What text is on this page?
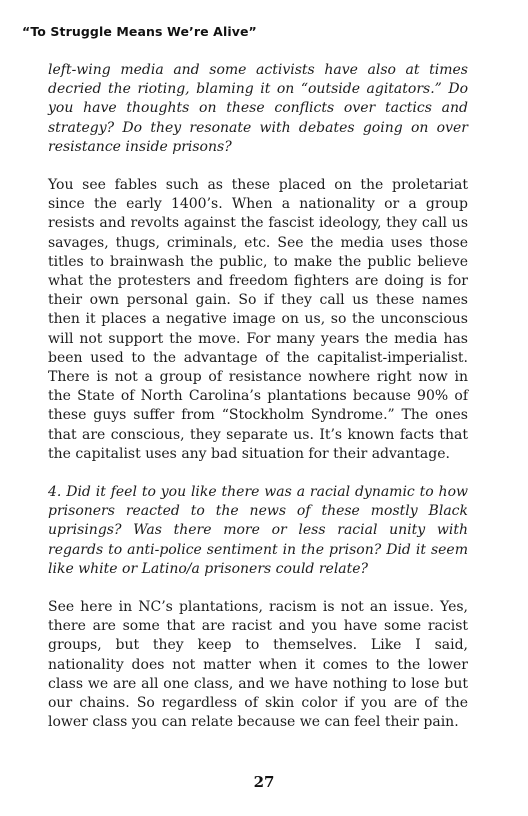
“To Struggle Means We’re Alive”

left-wing media and some activists have also at times decried the rioting, blaming it on “outside agitators.” Do you have thoughts on these conflicts over tactics and strategy? Do they resonate with debates going on over resistance inside prisons?

You see fables such as these placed on the proletariat since the early 1400’s. When a nationality or a group resists and revolts against the fascist ideology, they call us savages, thugs, criminals, etc. See the media uses those titles to brainwash the public, to make the public believe what the protesters and freedom fighters are doing is for their own personal gain. So if they call us these names then it places a negative image on us, so the unconscious will not support the move. For many years the media has been used to the advantage of the capitalist-imperialist. There is not a group of resistance nowhere right now in the State of North Carolina’s plantations because 90% of these guys suffer from “Stockholm Syndrome.” The ones that are conscious, they separate us. It’s known facts that the capitalist uses any bad situation for their advantage.

4. Did it feel to you like there was a racial dynamic to how prisoners reacted to the news of these mostly Black uprisings? Was there more or less racial unity with regards to anti-police sentiment in the prison? Did it seem like white or Latino/a prisoners could relate?

See here in NC’s plantations, racism is not an issue. Yes, there are some that are racist and you have some racist groups, but they keep to themselves. Like I said, nationality does not matter when it comes to the lower class we are all one class, and we have nothing to lose but our chains. So regardless of skin color if you are of the lower class you can relate because we can feel their pain.

27
